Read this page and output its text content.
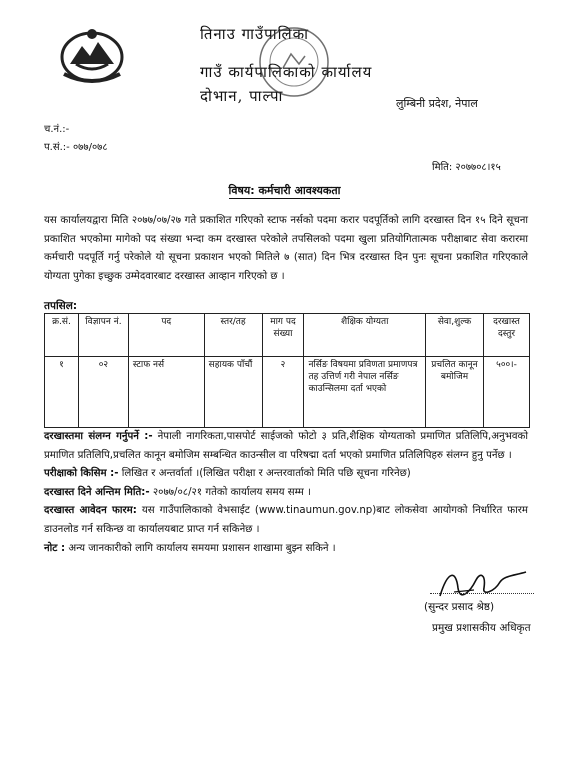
तिनाउ गाउँपालिका
गाउँ कार्यपालिकाको कार्यालय
दोभान, पाल्पा	लुम्बिनी प्रदेश, नेपाल
च.नं.:-
प.सं.:- ०७७/०७८
मिति: २०७७०८।१५
विषय: कर्मचारी आवश्यकता
यस कार्यालयद्वारा मिति २०७७/०७/२७ गते प्रकाशित गरिएको स्टाफ नर्सको पदमा करार पदपूर्तिको लागि दरखास्त दिन १५ दिने सूचना प्रकाशित भएकोमा मागेको पद संख्या भन्दा कम दरखास्त परेकोले तपसिलको पदमा खुला प्रतियोगितात्मक परीक्षाबाट सेवा करारमा कर्मचारी पदपूर्ति गर्नु परेकोले यो सूचना प्रकाशन भएको मितिले ७ (सात) दिन भित्र दरखास्त दिन पुनः सूचना प्रकाशित गरिएकाले योग्यता पुगेका इच्छुक उम्मेदवारबाट दरखास्त आव्हान गरिएको छ ।
तपसिल:
क्र.सं.	विज्ञापन नं.	पद	स्तर/तह	माग पद संख्या	शैक्षिक योग्यता	सेवा,शुल्क	दरखास्त दस्तुर
१	०२	स्टाफ नर्स	सहायक पाँचौं	२	नर्सिङ विषयमा प्रविणता प्रमाणपत्र तह उत्तिर्ण गरी नेपाल नर्सिङ काउन्सिलमा दर्ता भएको	प्रचलित कानून बमोजिम	५००।-
दरखास्तमा संलग्न गर्नुपर्ने :- नेपाली नागरिकता,पासपोर्ट साईजको फोटो ३ प्रति,शैक्षिक योग्यताको प्रमाणित प्रतिलिपि,अनुभवको प्रमाणित प्रतिलिपि,प्रचलित कानून बमोजिम सम्बन्धित काउन्सील वा परिषद्मा दर्ता भएको प्रमाणित प्रतिलिपिहरु संलग्न हुनु पर्नेछ ।
परीक्षाको किसिम :- लिखित र अन्तर्वार्ता ।(लिखित परीक्षा र अन्तरवार्ताको मिति पछि सूचना गरिनेछ)
दरखास्त दिने अन्तिम मिति:- २०७७/०८/२१ गतेको कार्यालय समय सम्म ।
दरखास्त आवेदन फारम: यस गाउँपालिकाको वेभसाईट (www.tinaumun.gov.np)बाट लोकसेवा आयोगको निर्धारित फारम डाउनलोड गर्न सकिन्छ वा कार्यालयबाट प्राप्त गर्न सकिनेछ ।
नोट : अन्य जानकारीको लागि कार्यालय समयमा प्रशासन शाखामा बुझ्न सकिने ।
(सुन्दर प्रसाद श्रेष्ठ)
प्रमुख प्रशासकीय अधिकृत
